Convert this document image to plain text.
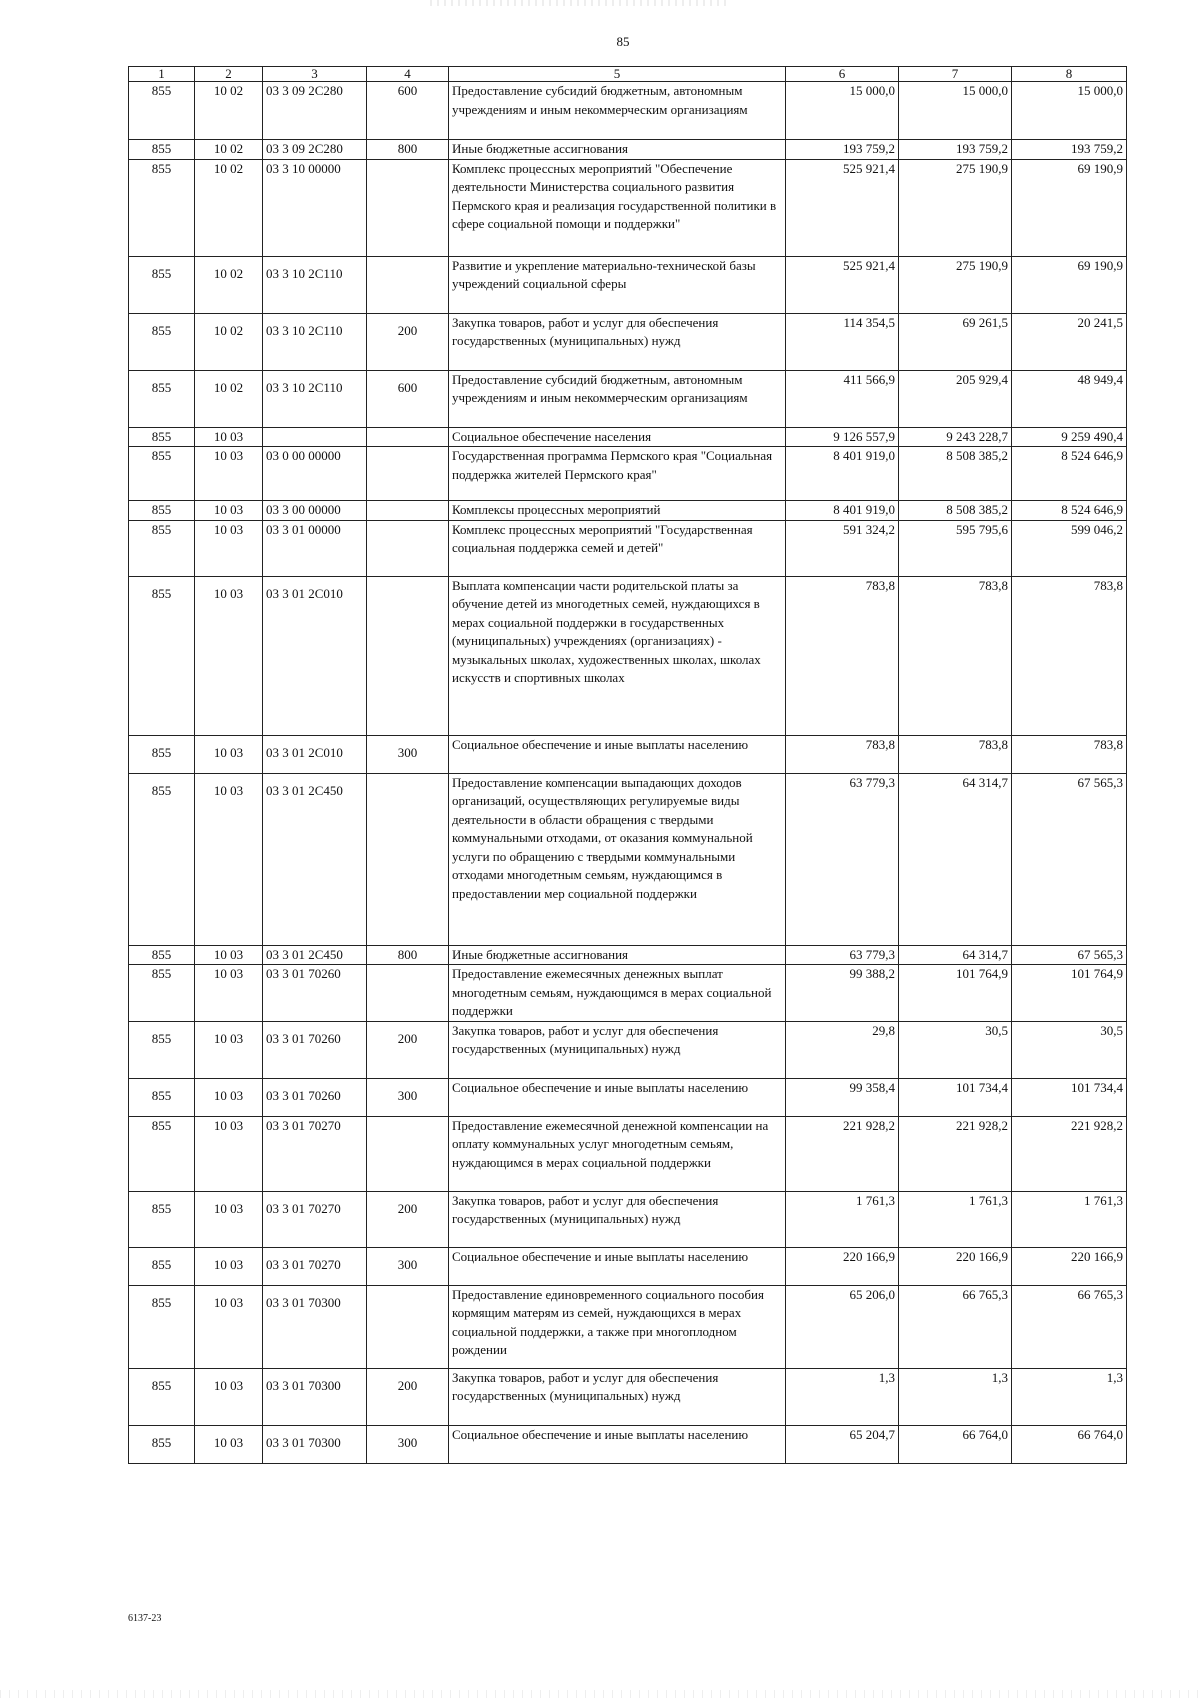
85
1	2	3	4	5	6	7	8
855	10 02	03 3 09 2C280	600	Предоставление субсидий бюджетным, автономным учреждениям и иным некоммерческим организациям	15 000,0	15 000,0	15 000,0
855	10 02	03 3 09 2C280	800	Иные бюджетные ассигнования	193 759,2	193 759,2	193 759,2
855	10 02	03 3 10 00000		Комплекс процессных мероприятий "Обеспечение деятельности Министерства социального развития Пермского края и реализация государственной политики в сфере социальной помощи и поддержки"	525 921,4	275 190,9	69 190,9
855	10 02	03 3 10 2C110		Развитие и укрепление материально-технической базы учреждений социальной сферы	525 921,4	275 190,9	69 190,9
855	10 02	03 3 10 2C110	200	Закупка товаров, работ и услуг для обеспечения государственных (муниципальных) нужд	114 354,5	69 261,5	20 241,5
855	10 02	03 3 10 2C110	600	Предоставление субсидий бюджетным, автономным учреждениям и иным некоммерческим организациям	411 566,9	205 929,4	48 949,4
855	10 03			Социальное обеспечение населения	9 126 557,9	9 243 228,7	9 259 490,4
855	10 03	03 0 00 00000		Государственная программа Пермского края "Социальная поддержка жителей Пермского края"	8 401 919,0	8 508 385,2	8 524 646,9
855	10 03	03 3 00 00000		Комплексы процессных мероприятий	8 401 919,0	8 508 385,2	8 524 646,9
855	10 03	03 3 01 00000		Комплекс процессных мероприятий "Государственная социальная поддержка семей и детей"	591 324,2	595 795,6	599 046,2
855	10 03	03 3 01 2C010		Выплата компенсации части родительской платы за обучение детей из многодетных семей, нуждающихся в мерах социальной поддержки в государственных (муниципальных) учреждениях (организациях) - музыкальных школах, художественных школах, школах искусств и спортивных школах	783,8	783,8	783,8
855	10 03	03 3 01 2C010	300	Социальное обеспечение и иные выплаты населению	783,8	783,8	783,8
855	10 03	03 3 01 2C450		Предоставление компенсации выпадающих доходов организаций, осуществляющих регулируемые виды деятельности в области обращения с твердыми коммунальными отходами, от оказания коммунальной услуги по обращению с твердыми коммунальными отходами многодетным семьям, нуждающимся в предоставлении мер социальной поддержки	63 779,3	64 314,7	67 565,3
855	10 03	03 3 01 2C450	800	Иные бюджетные ассигнования	63 779,3	64 314,7	67 565,3
855	10 03	03 3 01 70260		Предоставление ежемесячных денежных выплат многодетным семьям, нуждающимся в мерах социальной поддержки	99 388,2	101 764,9	101 764,9
855	10 03	03 3 01 70260	200	Закупка товаров, работ и услуг для обеспечения государственных (муниципальных) нужд	29,8	30,5	30,5
855	10 03	03 3 01 70260	300	Социальное обеспечение и иные выплаты населению	99 358,4	101 734,4	101 734,4
855	10 03	03 3 01 70270		Предоставление ежемесячной денежной компенсации на оплату коммунальных услуг многодетным семьям, нуждающимся в мерах социальной поддержки	221 928,2	221 928,2	221 928,2
855	10 03	03 3 01 70270	200	Закупка товаров, работ и услуг для обеспечения государственных (муниципальных) нужд	1 761,3	1 761,3	1 761,3
855	10 03	03 3 01 70270	300	Социальное обеспечение и иные выплаты населению	220 166,9	220 166,9	220 166,9
855	10 03	03 3 01 70300		Предоставление единовременного социального пособия кормящим матерям из семей, нуждающихся в мерах социальной поддержки, а также при многоплодном рождении	65 206,0	66 765,3	66 765,3
855	10 03	03 3 01 70300	200	Закупка товаров, работ и услуг для обеспечения государственных (муниципальных) нужд	1,3	1,3	1,3
855	10 03	03 3 01 70300	300	Социальное обеспечение и иные выплаты населению	65 204,7	66 764,0	66 764,0
6137-23
